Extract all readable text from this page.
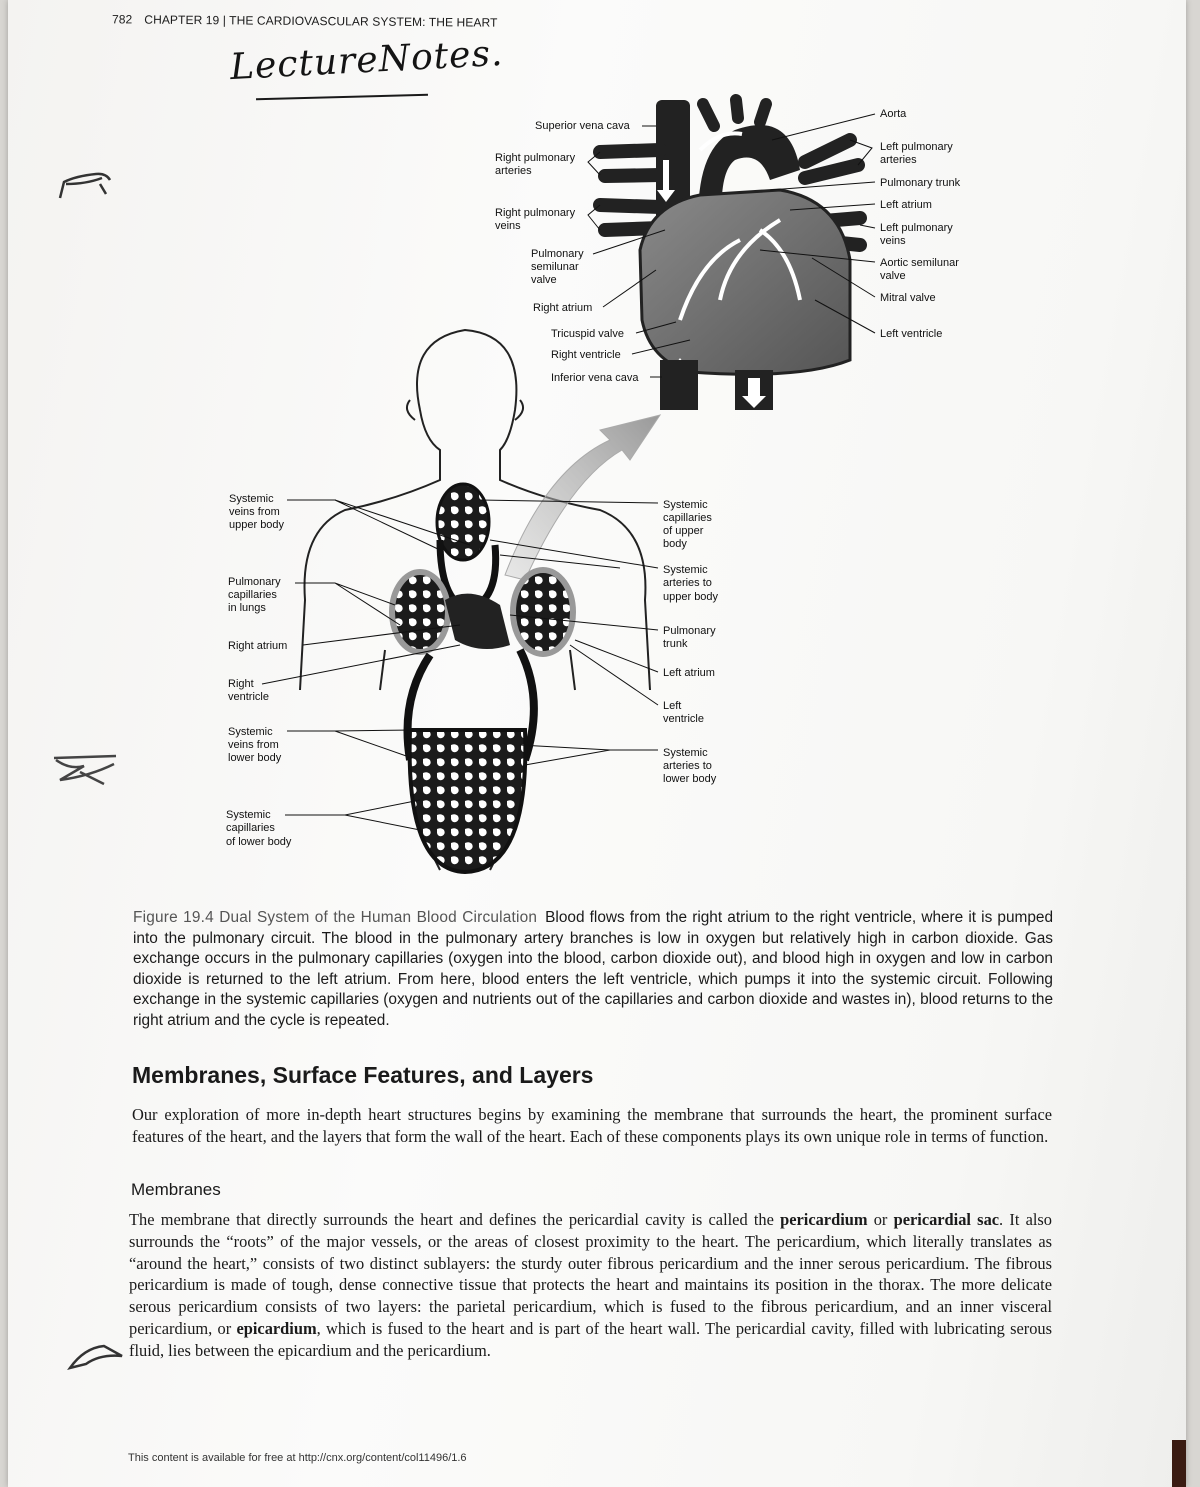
782 CHAPTER 19 | THE CARDIOVASCULAR SYSTEM: THE HEART
LectureNotes.
Superior vena cava
Right pulmonary
arteries
Right pulmonary
veins
Pulmonary
semilunar
valve
Right atrium
Tricuspid valve
Right ventricle
Inferior vena cava
Aorta
Left pulmonary
arteries
Pulmonary trunk
Left atrium
Left pulmonary
veins
Aortic semilunar
valve
Mitral valve
Left ventricle
Systemic
veins from
upper body
Pulmonary
capillaries
in lungs
Right atrium
Right
ventricle
Systemic
veins from
lower body
Systemic
capillaries
of lower body
Systemic
capillaries
of upper
body
Systemic
arteries to
upper body
Pulmonary
trunk
Left atrium
Left
ventricle
Systemic
arteries to
lower body
Figure 19.4 Dual System of the Human Blood Circulation Blood flows from the right atrium to the right ventricle, where it is pumped into the pulmonary circuit. The blood in the pulmonary artery branches is low in oxygen but relatively high in carbon dioxide. Gas exchange occurs in the pulmonary capillaries (oxygen into the blood, carbon dioxide out), and blood high in oxygen and low in carbon dioxide is returned to the left atrium. From here, blood enters the left ventricle, which pumps it into the systemic circuit. Following exchange in the systemic capillaries (oxygen and nutrients out of the capillaries and carbon dioxide and wastes in), blood returns to the right atrium and the cycle is repeated.
Membranes, Surface Features, and Layers

Our exploration of more in-depth heart structures begins by examining the membrane that surrounds the heart, the prominent surface features of the heart, and the layers that form the wall of the heart. Each of these components plays its own unique role in terms of function.

Membranes

The membrane that directly surrounds the heart and defines the pericardial cavity is called the pericardium or pericardial sac. It also surrounds the “roots” of the major vessels, or the areas of closest proximity to the heart. The pericardium, which literally translates as “around the heart,” consists of two distinct sublayers: the sturdy outer fibrous pericardium and the inner serous pericardium. The fibrous pericardium is made of tough, dense connective tissue that protects the heart and maintains its position in the thorax. The more delicate serous pericardium consists of two layers: the parietal pericardium, which is fused to the fibrous pericardium, and an inner visceral pericardium, or epicardium, which is fused to the heart and is part of the heart wall. The pericardial cavity, filled with lubricating serous fluid, lies between the epicardium and the pericardium.

This content is available for free at http://cnx.org/content/col11496/1.6
